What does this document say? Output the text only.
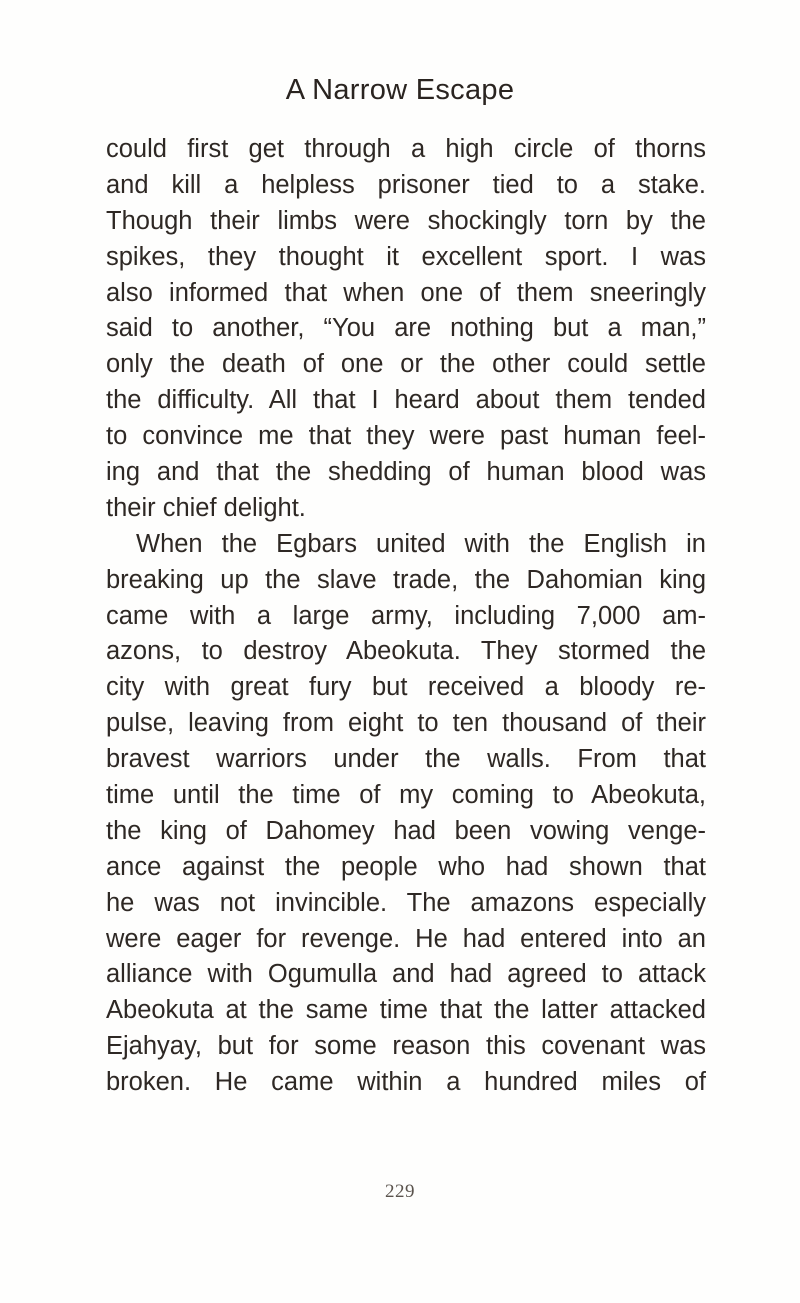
A Narrow Escape
could first get through a high circle of thorns
and kill a helpless prisoner tied to a stake.
Though their limbs were shockingly torn by the
spikes, they thought it excellent sport. I was
also informed that when one of them sneeringly
said to another, “You are nothing but a man,”
only the death of one or the other could settle
the difficulty. All that I heard about them tended
to convince me that they were past human feel-
ing and that the shedding of human blood was
their chief delight.
When the Egbars united with the English in
breaking up the slave trade, the Dahomian king
came with a large army, including 7,000 am-
azons, to destroy Abeokuta. They stormed the
city with great fury but received a bloody re-
pulse, leaving from eight to ten thousand of their
bravest warriors under the walls. From that
time until the time of my coming to Abeokuta,
the king of Dahomey had been vowing venge-
ance against the people who had shown that
he was not invincible. The amazons especially
were eager for revenge. He had entered into an
alliance with Ogumulla and had agreed to attack
Abeokuta at the same time that the latter attacked
Ejahyay, but for some reason this covenant was
broken. He came within a hundred miles of
229
